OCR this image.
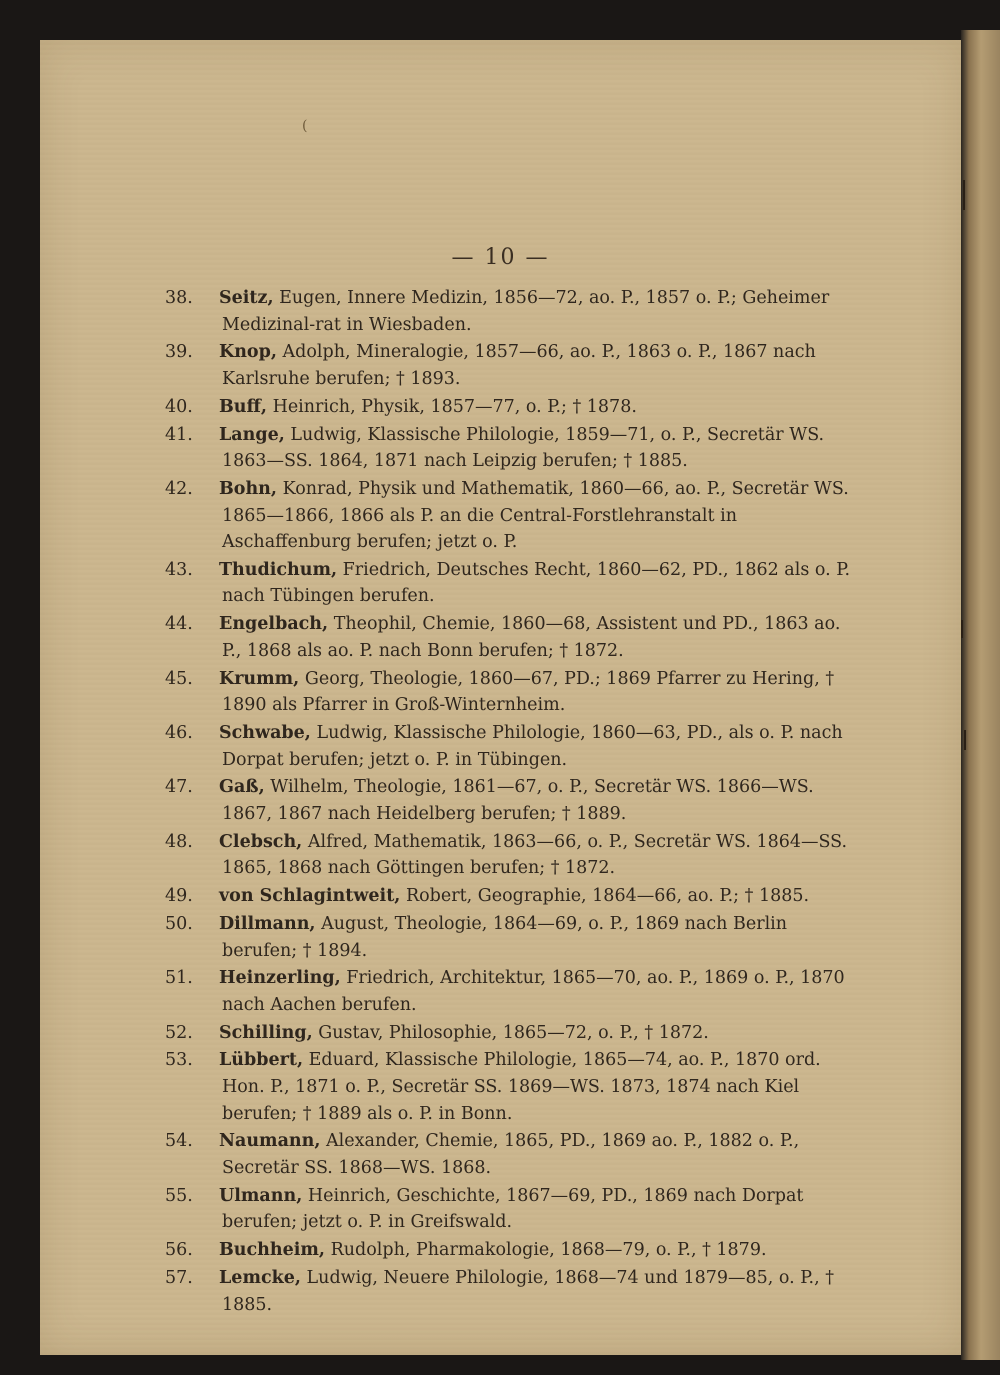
(
— 10 —
38. Seitz, Eugen, Innere Medizin, 1856—72, ao. P., 1857 o. P.; Geheimer Medizinal-rat in Wiesbaden.
39. Knop, Adolph, Mineralogie, 1857—66, ao. P., 1863 o. P., 1867 nach Karlsruhe berufen; † 1893.
40. Buff, Heinrich, Physik, 1857—77, o. P.; † 1878.
41. Lange, Ludwig, Klassische Philologie, 1859—71, o. P., Secretär WS. 1863—SS. 1864, 1871 nach Leipzig berufen; † 1885.
42. Bohn, Konrad, Physik und Mathematik, 1860—66, ao. P., Secretär WS. 1865—1866, 1866 als P. an die Central-Forstlehranstalt in Aschaffenburg berufen; jetzt o. P.
43. Thudichum, Friedrich, Deutsches Recht, 1860—62, PD., 1862 als o. P. nach Tübingen berufen.
44. Engelbach, Theophil, Chemie, 1860—68, Assistent und PD., 1863 ao. P., 1868 als ao. P. nach Bonn berufen; † 1872.
45. Krumm, Georg, Theologie, 1860—67, PD.; 1869 Pfarrer zu Hering, † 1890 als Pfarrer in Groß-Winternheim.
46. Schwabe, Ludwig, Klassische Philologie, 1860—63, PD., als o. P. nach Dorpat berufen; jetzt o. P. in Tübingen.
47. Gaß, Wilhelm, Theologie, 1861—67, o. P., Secretär WS. 1866—WS. 1867, 1867 nach Heidelberg berufen; † 1889.
48. Clebsch, Alfred, Mathematik, 1863—66, o. P., Secretär WS. 1864—SS. 1865, 1868 nach Göttingen berufen; † 1872.
49. von Schlagintweit, Robert, Geographie, 1864—66, ao. P.; † 1885.
50. Dillmann, August, Theologie, 1864—69, o. P., 1869 nach Berlin berufen; † 1894.
51. Heinzerling, Friedrich, Architektur, 1865—70, ao. P., 1869 o. P., 1870 nach Aachen berufen.
52. Schilling, Gustav, Philosophie, 1865—72, o. P., † 1872.
53. Lübbert, Eduard, Klassische Philologie, 1865—74, ao. P., 1870 ord. Hon. P., 1871 o. P., Secretär SS. 1869—WS. 1873, 1874 nach Kiel berufen; † 1889 als o. P. in Bonn.
54. Naumann, Alexander, Chemie, 1865, PD., 1869 ao. P., 1882 o. P., Secretär SS. 1868—WS. 1868.
55. Ulmann, Heinrich, Geschichte, 1867—69, PD., 1869 nach Dorpat berufen; jetzt o. P. in Greifswald.
56. Buchheim, Rudolph, Pharmakologie, 1868—79, o. P., † 1879.
57. Lemcke, Ludwig, Neuere Philologie, 1868—74 und 1879—85, o. P., † 1885.
